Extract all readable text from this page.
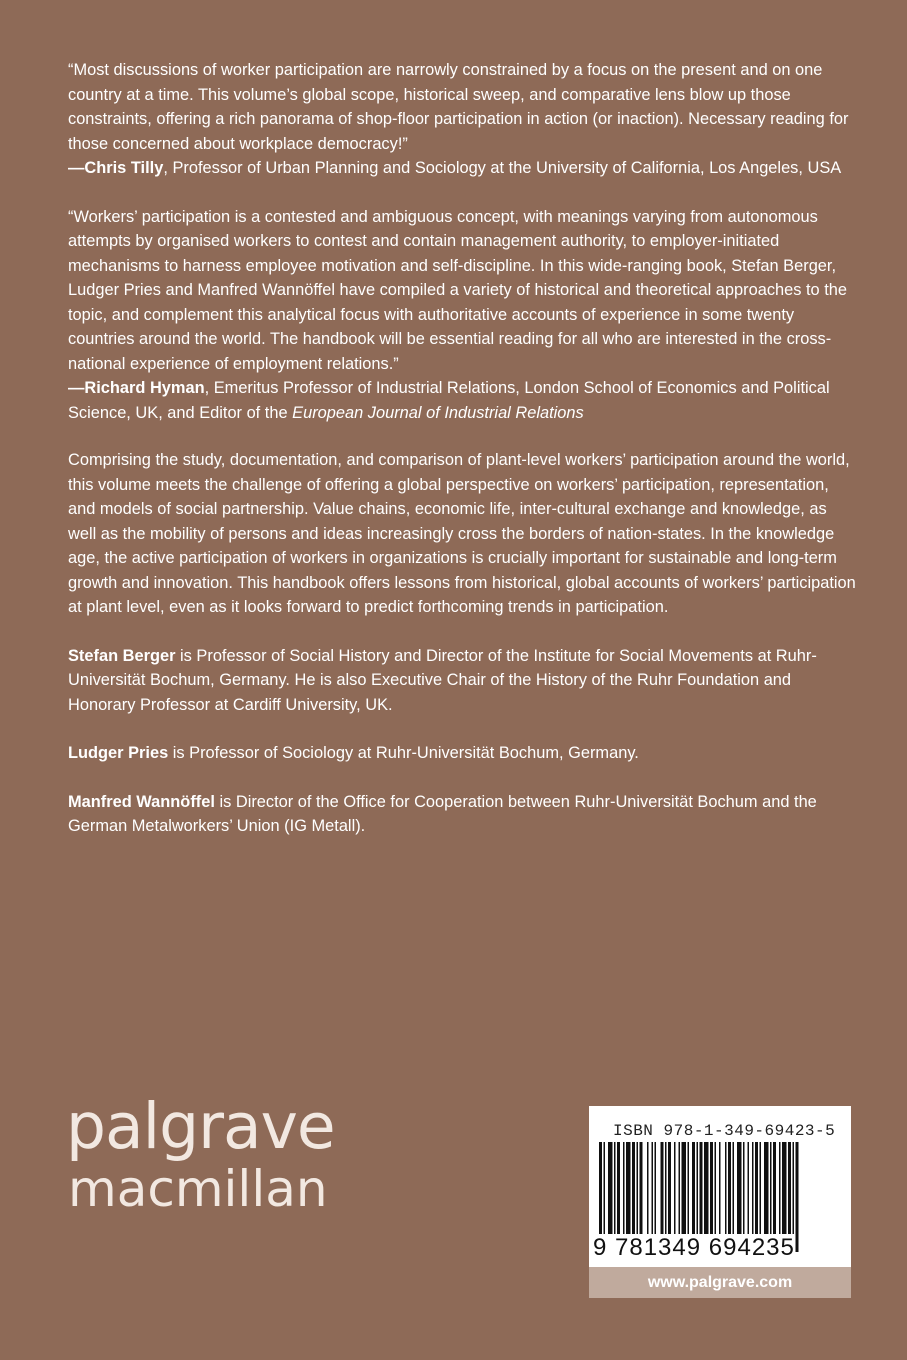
“Most discussions of worker participation are narrowly constrained by a focus on the present and on one country at a time. This volume’s global scope, historical sweep, and comparative lens blow up those constraints, offering a rich panorama of shop-floor participation in action (or inaction). Necessary reading for those concerned about workplace democracy!”
—Chris Tilly, Professor of Urban Planning and Sociology at the University of California, Los Angeles, USA

“Workers’ participation is a contested and ambiguous concept, with meanings varying from autonomous attempts by organised workers to contest and contain management authority, to employer-initiated mechanisms to harness employee motivation and self-discipline. In this wide-ranging book, Stefan Berger, Ludger Pries and Manfred Wannöffel have compiled a variety of historical and theoretical approaches to the topic, and complement this analytical focus with authoritative accounts of experience in some twenty countries around the world. The handbook will be essential reading for all who are interested in the cross-national experience of employment relations.”
—Richard Hyman, Emeritus Professor of Industrial Relations, London School of Economics and Political Science, UK, and Editor of the European Journal of Industrial Relations

Comprising the study, documentation, and comparison of plant-level workers’ participation around the world, this volume meets the challenge of offering a global perspective on workers’ participation, representation, and models of social partnership. Value chains, economic life, inter-cultural exchange and knowledge, as well as the mobility of persons and ideas increasingly cross the borders of nation-states. In the knowledge age, the active participation of workers in organizations is crucially important for sustainable and long-term growth and innovation. This handbook offers lessons from historical, global accounts of workers’ participation at plant level, even as it looks forward to predict forthcoming trends in participation.

Stefan Berger is Professor of Social History and Director of the Institute for Social Movements at Ruhr-Universität Bochum, Germany. He is also Executive Chair of the History of the Ruhr Foundation and Honorary Professor at Cardiff University, UK.

Ludger Pries is Professor of Sociology at Ruhr-Universität Bochum, Germany.

Manfred Wannöffel is Director of the Office for Cooperation between Ruhr-Universität Bochum and the German Metalworkers’ Union (IG Metall).

palgrave
macmillan
ISBN 978-1-349-69423-5
9 781349 694235
www.palgrave.com
